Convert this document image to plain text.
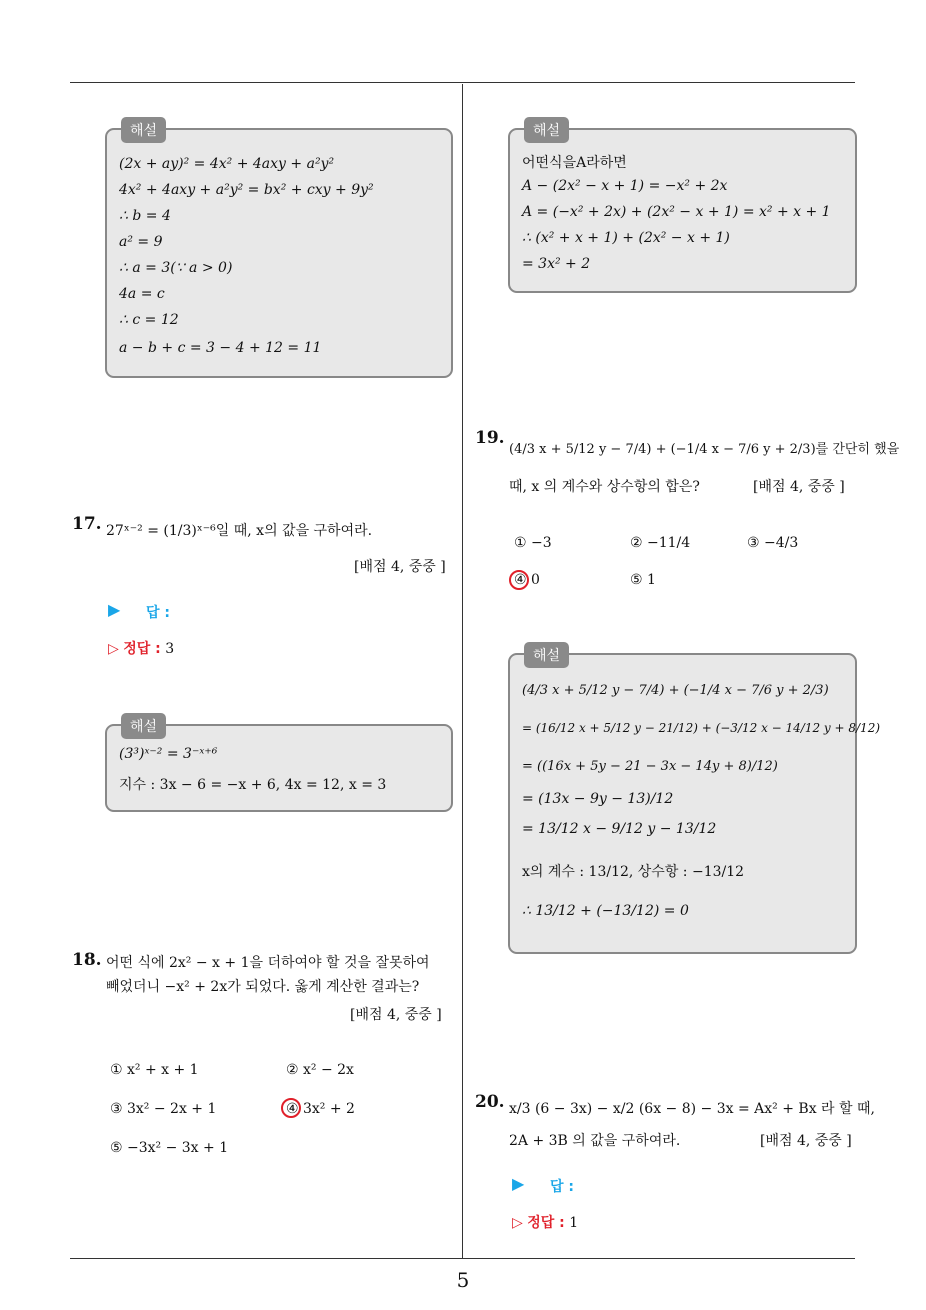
5
해설
(2x + ay)² = 4x² + 4axy + a²y²
4x² + 4axy + a²y² = bx² + cxy + 9y²
∴ b = 4
a² = 9
∴ a = 3(∵ a > 0)
4a = c
∴ c = 12
a − b + c = 3 − 4 + 12 = 11
17. 27ˣ⁻² = (1/3)ˣ⁻⁶일 때, x의 값을 구하여라.
[배점 4, 중중 ]
▶ 답 :
▷ 정답 : 3
해설
(3³)ˣ⁻² = 3⁻ˣ⁺⁶
지수 : 3x − 6 = −x + 6, 4x = 12, x = 3
18. 어떤 식에 2x² − x + 1을 더하여야 할 것을 잘못하여
빼었더니 −x² + 2x가 되었다. 옳게 계산한 결과는?
[배점 4, 중중 ]
① x² + x + 1	② x² − 2x
③ 3x² − 2x + 1	④ 3x² + 2
⑤ −3x² − 3x + 1
해설
어떤식을A라하면
A − (2x² − x + 1) = −x² + 2x
A = (−x² + 2x) + (2x² − x + 1) = x² + x + 1
∴ (x² + x + 1) + (2x² − x + 1)
= 3x² + 2
19.
(4/3 x + 5/12 y − 7/4) + (−1/4 x − 7/6 y + 2/3)를 간단히 했을
때, x 의 계수와 상수항의 합은?	[배점 4, 중중 ]
① −3	② −11/4	③ −4/3
④ 0	⑤ 1
해설
(4/3 x + 5/12 y − 7/4) + (−1/4 x − 7/6 y + 2/3)
= (16/12 x + 5/12 y − 21/12) + (−3/12 x − 14/12 y + 8/12)
= ((16x + 5y − 21 − 3x − 14y + 8)/12)
= (13x − 9y − 13)/12
= 13/12 x − 9/12 y − 13/12
x의 계수 : 13/12, 상수항 : −13/12
∴ 13/12 + (−13/12) = 0
20. x/3 (6 − 3x) − x/2 (6x − 8) − 3x = Ax² + Bx 라 할 때,
2A + 3B 의 값을 구하여라.	[배점 4, 중중 ]
▶ 답 :
▷ 정답 : 1
